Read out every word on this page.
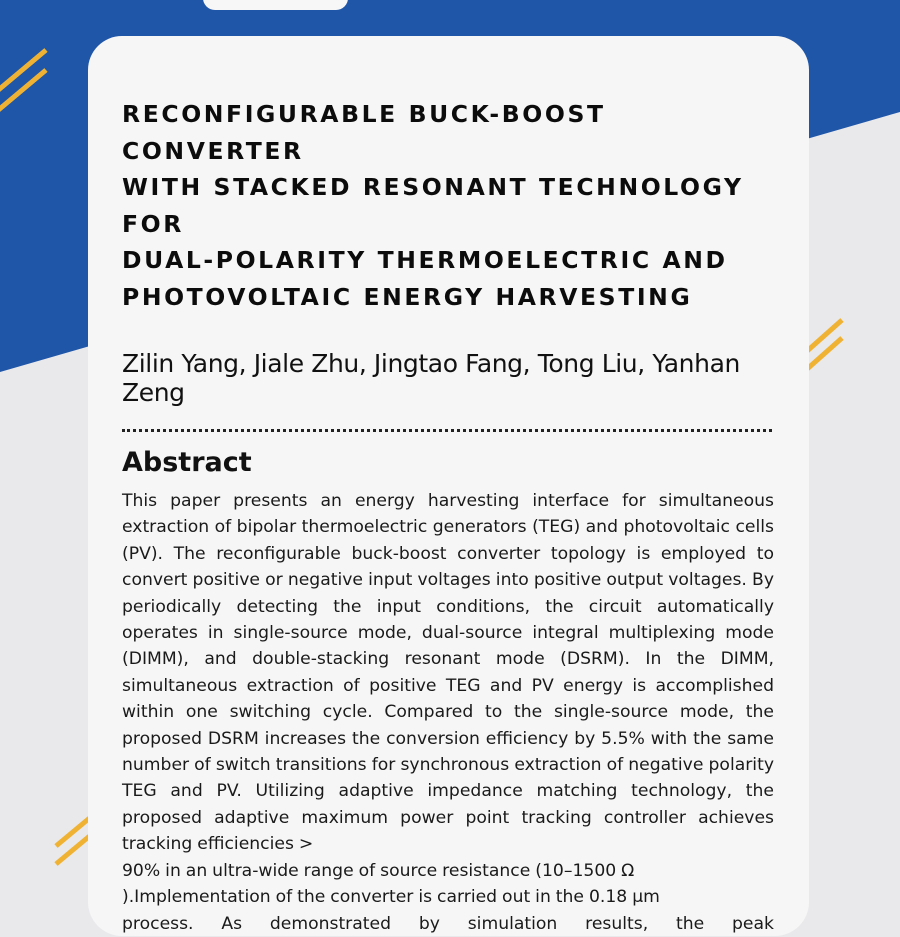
RECONFIGURABLE BUCK-BOOST CONVERTER
WITH STACKED RESONANT TECHNOLOGY FOR
DUAL-POLARITY THERMOELECTRIC AND
PHOTOVOLTAIC ENERGY HARVESTING

Zilin Yang, Jiale Zhu, Jingtao Fang, Tong Liu, Yanhan Zeng

Abstract

This paper presents an energy harvesting interface for simultaneous extraction of bipolar thermoelectric generators (TEG) and photovoltaic cells (PV). The reconfigurable buck-boost converter topology is employed to convert positive or negative input voltages into positive output voltages. By periodically detecting the input conditions, the circuit automatically operates in single-source mode, dual-source integral multiplexing mode (DIMM), and double-stacking resonant mode (DSRM). In the DIMM, simultaneous extraction of positive TEG and PV energy is accomplished within one switching cycle. Compared to the single-source mode, the proposed DSRM increases the conversion efficiency by 5.5% with the same number of switch transitions for synchronous extraction of negative polarity TEG and PV. Utilizing adaptive impedance matching technology, the proposed adaptive maximum power point tracking controller achieves tracking efficiencies >

90% in an ultra-wide range of source resistance (10–1500 Ω

).Implementation of the converter is carried out in the 0.18 μm

process. As demonstrated by simulation results, the peak
